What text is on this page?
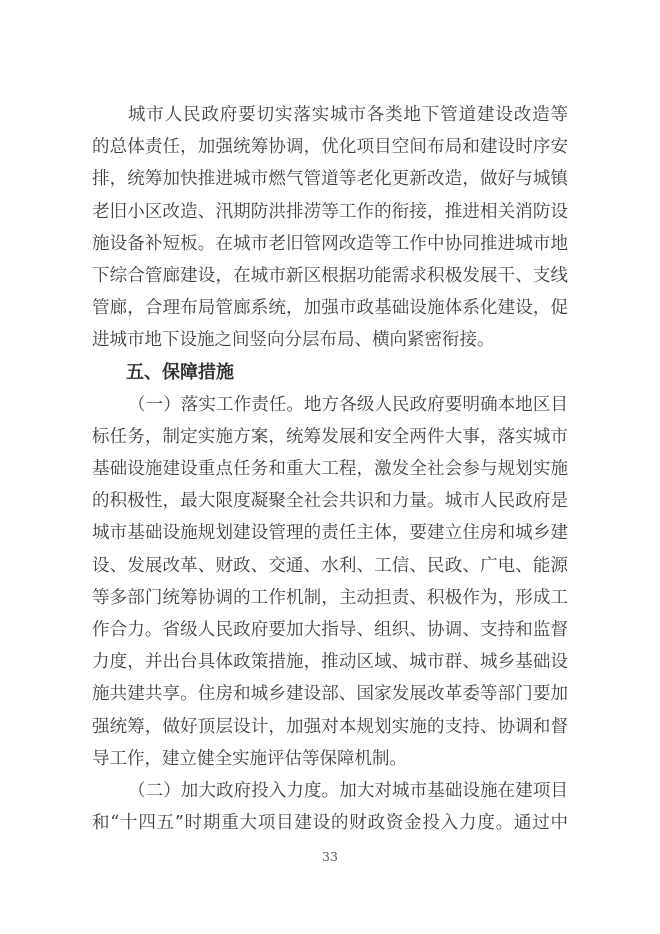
城市人民政府要切实落实城市各类地下管道建设改造等
的总体责任，加强统筹协调，优化项目空间布局和建设时序安
排，统筹加快推进城市燃气管道等老化更新改造，做好与城镇
老旧小区改造、汛期防洪排涝等工作的衔接，推进相关消防设
施设备补短板。在城市老旧管网改造等工作中协同推进城市地
下综合管廊建设，在城市新区根据功能需求积极发展干、支线
管廊，合理布局管廊系统，加强市政基础设施体系化建设，促
进城市地下设施之间竖向分层布局、横向紧密衔接。
五、保障措施
（一）落实工作责任。地方各级人民政府要明确本地区目
标任务，制定实施方案，统筹发展和安全两件大事，落实城市
基础设施建设重点任务和重大工程，激发全社会参与规划实施
的积极性，最大限度凝聚全社会共识和力量。城市人民政府是
城市基础设施规划建设管理的责任主体，要建立住房和城乡建
设、发展改革、财政、交通、水利、工信、民政、广电、能源
等多部门统筹协调的工作机制，主动担责、积极作为，形成工
作合力。省级人民政府要加大指导、组织、协调、支持和监督
力度，并出台具体政策措施，推动区域、城市群、城乡基础设
施共建共享。住房和城乡建设部、国家发展改革委等部门要加
强统筹，做好顶层设计，加强对本规划实施的支持、协调和督
导工作，建立健全实施评估等保障机制。
（二）加大政府投入力度。加大对城市基础设施在建项目
和“十四五”时期重大项目建设的财政资金投入力度。通过中
33
